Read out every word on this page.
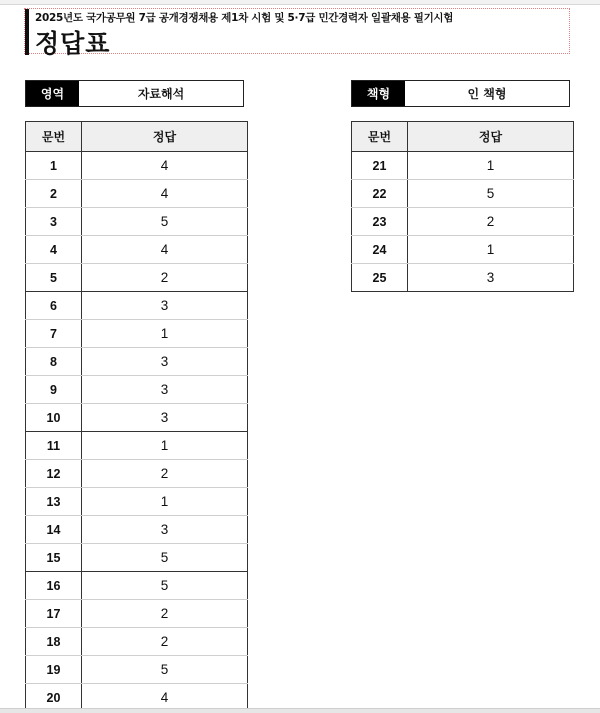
2025년도 국가공무원 7급 공개경쟁채용 제1차 시험 및 5·7급 민간경력자 일괄채용 필기시험
정답표
영역	자료해석	책형	인 책형
문번	정답
1	4
2	4
3	5
4	4
5	2
6	3
7	1
8	3
9	3
10	3
11	1
12	2
13	1
14	3
15	5
16	5
17	2
18	2
19	5
20	4
문번	정답
21	1
22	5
23	2
24	1
25	3
